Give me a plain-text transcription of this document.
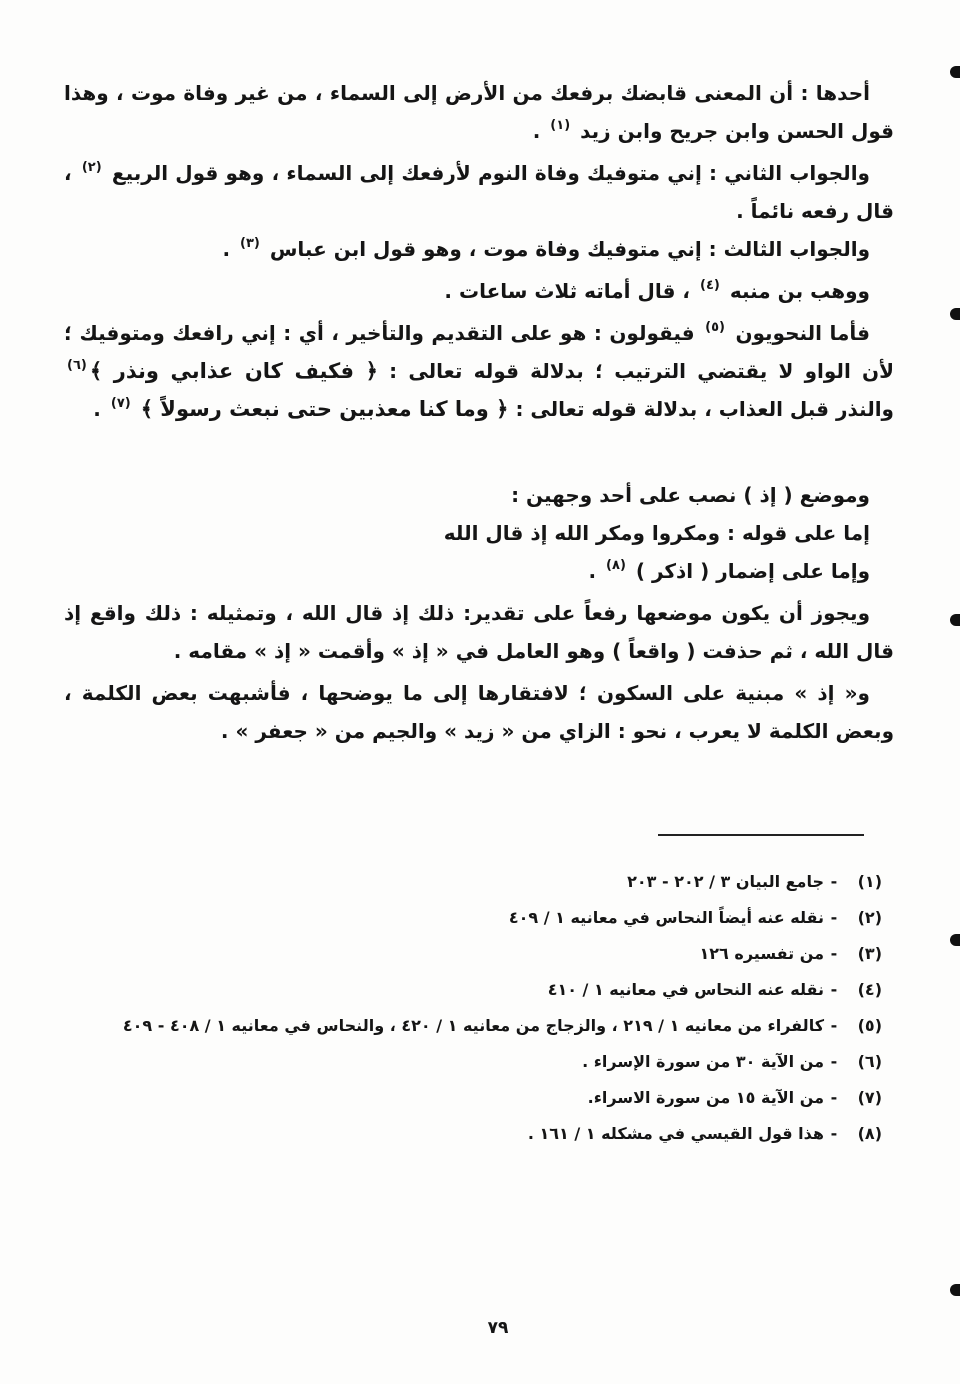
أحدها : أن المعنى قابضك برفعك من الأرض إلى السماء ، من غير وفاة موت ، وهذا قول الحسن وابن جريح وابن زيد $^{(١)}$ .

والجواب الثاني : إني متوفيك وفاة النوم لأرفعك إلى السماء ، وهو قول الربيع $^{(٢)}$ ، قال رفعه نائماً .

والجواب الثالث : إني متوفيك وفاة موت ، وهو قول ابن عباس $^{(٣)}$ .

ووهب بن منبه $^{(٤)}$ ، قال أماته ثلاث ساعات .

فأما النحويون $^{(٥)}$ فيقولون : هو على التقديم والتأخير ، أي : إني رافعك ومتوفيك ؛ لأن الواو لا يقتضي الترتيب ؛ بدلالة قوله تعالى : ﴿ فكيف كان عذابي ونذر ﴾$^{(٦)}$ والنذر قبل العذاب ، بدلالة قوله تعالى : ﴿ وما كنا معذبين حتى نبعث رسولاً ﴾ $^{(٧)}$ .

وموضع ( إذ ) نصب على أحد وجهين :

إما على قوله : ومكروا ومكر الله إذ قال الله

وإما على إضمار ( اذكر ) $^{(٨)}$ .

ويجوز أن يكون موضعها رفعاً على تقدير: ذلك إذ قال الله ، وتمثيله : ذلك واقع إذ قال الله ، ثم حذفت ( واقعاً ) وهو العامل في « إذ » وأقمت « إذ » مقامه .

و« إذ » مبنية على السكون ؛ لافتقارها إلى ما يوضحها ، فأشبهت بعض الكلمة ، وبعض الكلمة لا يعرب ، نحو : الزاي من « زيد » والجيم من « جعفر » .

(١)
-
جامع البيان ٣ / ٢٠٢ - ٢٠٣
(٢)
-
نقله عنه أيضاً النحاس في معانيه ١ / ٤٠٩
(٣)
-
من تفسيره ١٢٦
(٤)
-
نقله عنه النحاس في معانيه ١ / ٤١٠
(٥)
-
كالفراء من معانيه ١ / ٢١٩ ، والزجاج من معانيه ١ / ٤٢٠ ، والنحاس في معانيه ١ / ٤٠٨ - ٤٠٩
(٦)
-
من الآية ٣٠ من سورة الإسراء .
(٧)
-
من الآية ١٥ من سورة الاسراء.
(٨)
-
هذا قول القيسي في مشكله ١ / ١٦١ .
٧٩
